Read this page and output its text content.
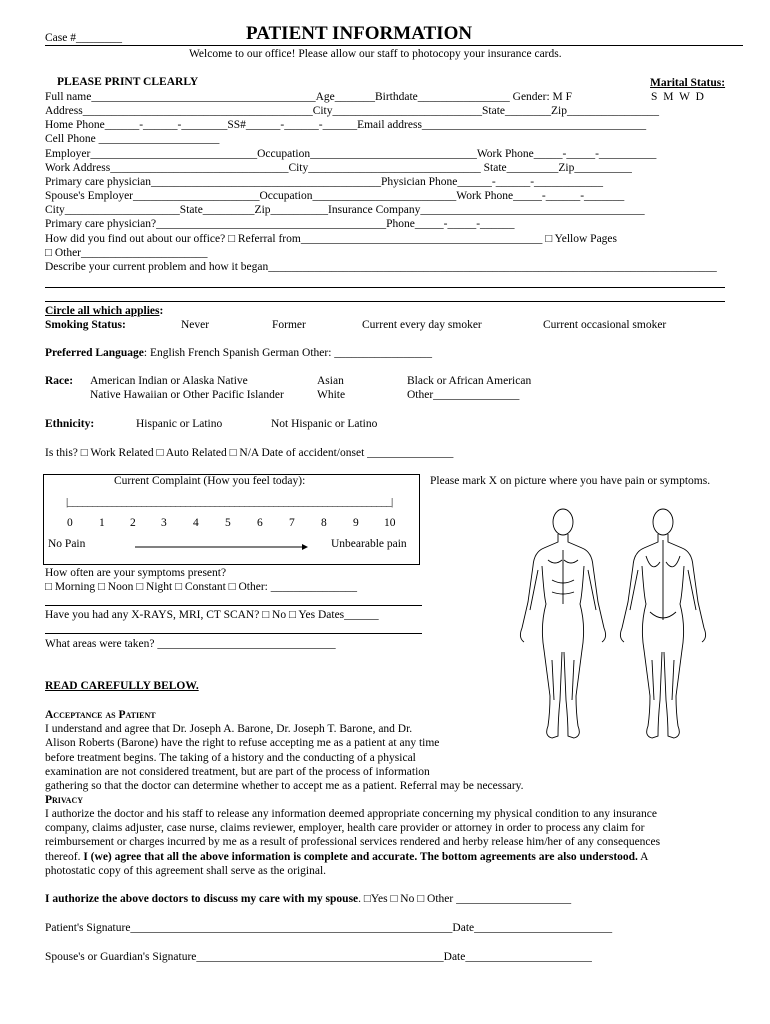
Case #________	PATIENT INFORMATION
Welcome to our office! Please allow our staff to photocopy your insurance cards.
PLEASE PRINT CLEARLY	Marital Status:
S M W D
Full name_______________________________________Age_______Birthdate________________ Gender: M F
Address________________________________________City__________________________State________Zip________________
Home Phone______-______-________SS#______-______-______Email address_______________________________________
Cell Phone _____________________
Employer_____________________________Occupation_____________________________Work Phone_____-_____-__________
Work Address_______________________________City______________________________ State_________Zip__________
Primary care physician________________________________________Physician Phone______-______-____________
Spouse's Employer______________________Occupation_________________________Work Phone_____-______-_______
City____________________State_________Zip__________Insurance Company_______________________________________
Primary care physician?________________________________________Phone_____-_____-______
How did you find out about our office? □ Referral from__________________________________________ □ Yellow Pages
□ Other______________________
Describe your current problem and how it began______________________________________________________________________________
Circle all which applies:
Smoking Status:	Never	Former	Current every day smoker	Current occasional smoker
Preferred Language: English French Spanish German Other: _________________
Race: American Indian or Alaska Native	Asian	Black or African American
Native Hawaiian or Other Pacific Islander	White	Other_______________
Ethnicity:	Hispanic or Latino	Not Hispanic or Latino
Is this? □ Work Related □ Auto Related □ N/A Date of accident/onset _______________
Current Complaint (How you feel today):
|__________________________________________________________________|
0 1 2 3 4 5 6 7 8 9 10
No Pain	Unbearable pain
Please mark X on picture where you have pain or symptoms.
How often are your symptoms present?
□ Morning □ Noon □ Night □ Constant □ Other: _______________
Have you had any X-RAYS, MRI, CT SCAN? □ No □ Yes Dates______
What areas were taken? _______________________________
READ CAREFULLY BELOW.
Acceptance as Patient
I understand and agree that Dr. Joseph A. Barone, Dr. Joseph T. Barone, and Dr.
Alison Roberts (Barone) have the right to refuse accepting me as a patient at any time
before treatment begins. The taking of a history and the conducting of a physical
examination are not considered treatment, but are part of the process of information
gathering so that the doctor can determine whether to accept me as a patient. Referral may be necessary.
Privacy
I authorize the doctor and his staff to release any information deemed appropriate concerning my physical condition to any insurance
company, claims adjuster, case nurse, claims reviewer, employer, health care provider or attorney in order to process any claim for
reimbursement or charges incurred by me as a result of professional services rendered and herby release him/her of any consequences
thereof. I (we) agree that all the above information is complete and accurate. The bottom agreements are also understood. A
photostatic copy of this agreement shall serve as the original.
I authorize the above doctors to discuss my care with my spouse. □Yes □ No □ Other ____________________
Patient's Signature________________________________________________________Date________________________
Spouse's or Guardian's Signature___________________________________________Date______________________
